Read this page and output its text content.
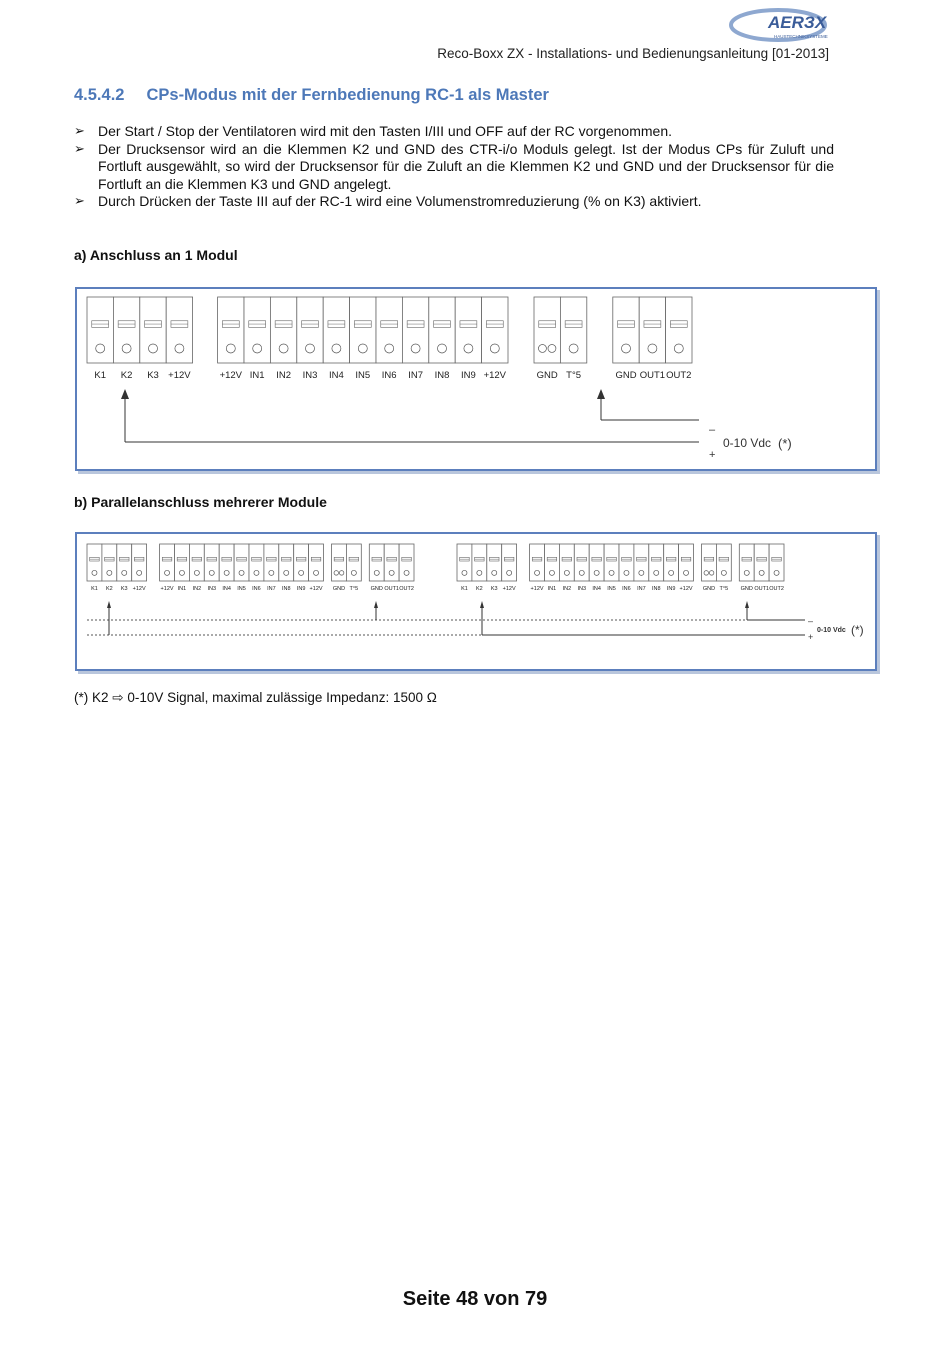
AERЗX
HAUSTECHNIKSYSTEME
Reco-Boxx ZX - Installations- und Bedienungsanleitung [01-2013]
4.5.4.2 CPs-Modus mit der Fernbedienung RC-1 als Master
➢ Der Start / Stop der Ventilatoren wird mit den Tasten I/III und OFF auf der RC vorgenommen.
➢ Der Drucksensor wird an die Klemmen K2 und GND des CTR-i/o Moduls gelegt. Ist der Modus CPs für Zuluft und Fortluft ausgewählt, so wird der Drucksensor für die Zuluft an die Klemmen K2 und GND und der Drucksensor für die Fortluft an die Klemmen K3 und GND angelegt.
➢ Durch Drücken der Taste III auf der RC-1 wird eine Volumenstromreduzierung (% on K3) aktiviert.
a) Anschluss an 1 Modul
K1 K2 K3 +12V	+12V IN1 IN2 IN3 IN4 IN5 IN6 IN7 IN8 IN9 +12V	GND T°5	GND OUT1 OUT2
–
+
0-10 Vdc (*)
b) Parallelanschluss mehrerer Module
K1 K2 K3 +12V	+12V IN1 IN2 IN3 IN4 IN5 IN6 IN7 IN8 IN9 +12V GND T°5 GND OUT1 OUT2	K1 K2 K3 +12V	+12V IN1 IN2 IN3 IN4 IN5 IN6 IN7 IN8 IN9 +12V GND T°5 GND OUT1 OUT2
–
+
0-10 Vdc (*)
(*) K2 ⇨ 0-10V Signal, maximal zulässige Impedanz: 1500 Ω
Seite 48 von 79
